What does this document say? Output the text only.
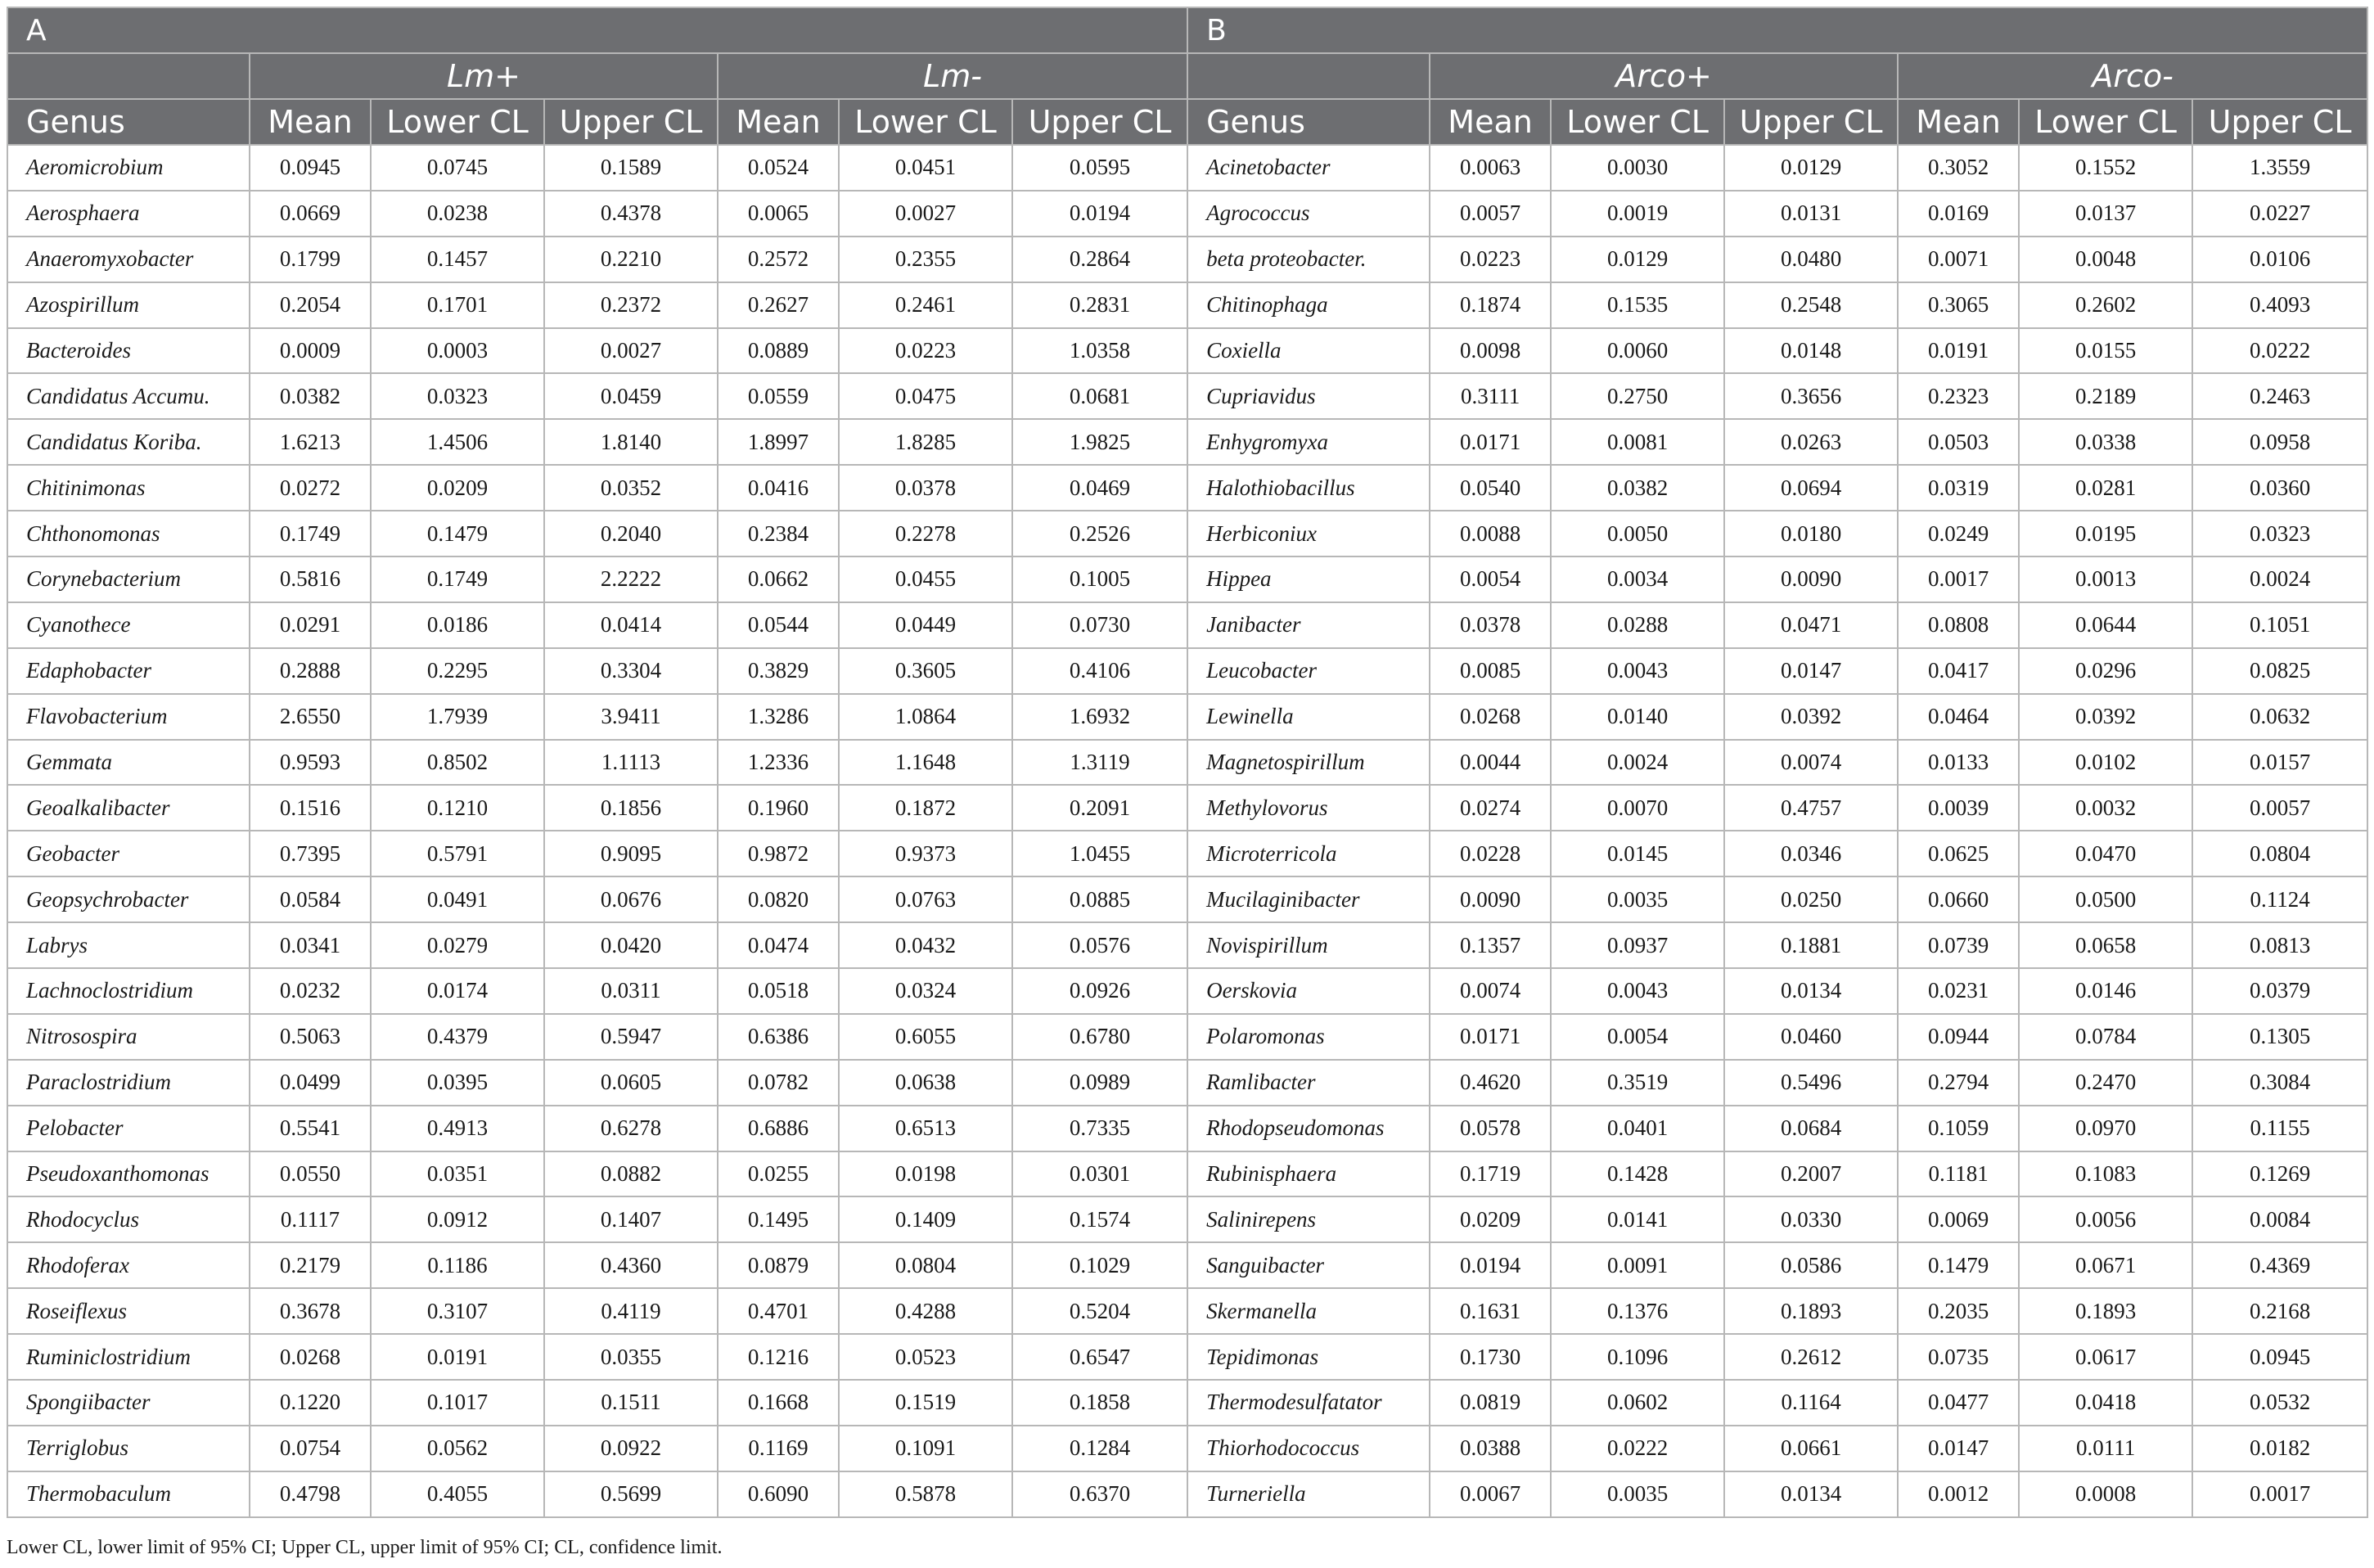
A							B						
	Lm+			Lm-				Arco+			Arco-		
Genus	Mean	Lower CL	Upper CL	Mean	Lower CL	Upper CL	Genus	Mean	Lower CL	Upper CL	Mean	Lower CL	Upper CL
Aeromicrobium	0.0945	0.0745	0.1589	0.0524	0.0451	0.0595	Acinetobacter	0.0063	0.0030	0.0129	0.3052	0.1552	1.3559
Aerosphaera	0.0669	0.0238	0.4378	0.0065	0.0027	0.0194	Agrococcus	0.0057	0.0019	0.0131	0.0169	0.0137	0.0227
Anaeromyxobacter	0.1799	0.1457	0.2210	0.2572	0.2355	0.2864	beta proteobacter.	0.0223	0.0129	0.0480	0.0071	0.0048	0.0106
Azospirillum	0.2054	0.1701	0.2372	0.2627	0.2461	0.2831	Chitinophaga	0.1874	0.1535	0.2548	0.3065	0.2602	0.4093
Bacteroides	0.0009	0.0003	0.0027	0.0889	0.0223	1.0358	Coxiella	0.0098	0.0060	0.0148	0.0191	0.0155	0.0222
Candidatus Accumu.	0.0382	0.0323	0.0459	0.0559	0.0475	0.0681	Cupriavidus	0.3111	0.2750	0.3656	0.2323	0.2189	0.2463
Candidatus Koriba.	1.6213	1.4506	1.8140	1.8997	1.8285	1.9825	Enhygromyxa	0.0171	0.0081	0.0263	0.0503	0.0338	0.0958
Chitinimonas	0.0272	0.0209	0.0352	0.0416	0.0378	0.0469	Halothiobacillus	0.0540	0.0382	0.0694	0.0319	0.0281	0.0360
Chthonomonas	0.1749	0.1479	0.2040	0.2384	0.2278	0.2526	Herbiconiux	0.0088	0.0050	0.0180	0.0249	0.0195	0.0323
Corynebacterium	0.5816	0.1749	2.2222	0.0662	0.0455	0.1005	Hippea	0.0054	0.0034	0.0090	0.0017	0.0013	0.0024
Cyanothece	0.0291	0.0186	0.0414	0.0544	0.0449	0.0730	Janibacter	0.0378	0.0288	0.0471	0.0808	0.0644	0.1051
Edaphobacter	0.2888	0.2295	0.3304	0.3829	0.3605	0.4106	Leucobacter	0.0085	0.0043	0.0147	0.0417	0.0296	0.0825
Flavobacterium	2.6550	1.7939	3.9411	1.3286	1.0864	1.6932	Lewinella	0.0268	0.0140	0.0392	0.0464	0.0392	0.0632
Gemmata	0.9593	0.8502	1.1113	1.2336	1.1648	1.3119	Magnetospirillum	0.0044	0.0024	0.0074	0.0133	0.0102	0.0157
Geoalkalibacter	0.1516	0.1210	0.1856	0.1960	0.1872	0.2091	Methylovorus	0.0274	0.0070	0.4757	0.0039	0.0032	0.0057
Geobacter	0.7395	0.5791	0.9095	0.9872	0.9373	1.0455	Microterricola	0.0228	0.0145	0.0346	0.0625	0.0470	0.0804
Geopsychrobacter	0.0584	0.0491	0.0676	0.0820	0.0763	0.0885	Mucilaginibacter	0.0090	0.0035	0.0250	0.0660	0.0500	0.1124
Labrys	0.0341	0.0279	0.0420	0.0474	0.0432	0.0576	Novispirillum	0.1357	0.0937	0.1881	0.0739	0.0658	0.0813
Lachnoclostridium	0.0232	0.0174	0.0311	0.0518	0.0324	0.0926	Oerskovia	0.0074	0.0043	0.0134	0.0231	0.0146	0.0379
Nitrosospira	0.5063	0.4379	0.5947	0.6386	0.6055	0.6780	Polaromonas	0.0171	0.0054	0.0460	0.0944	0.0784	0.1305
Paraclostridium	0.0499	0.0395	0.0605	0.0782	0.0638	0.0989	Ramlibacter	0.4620	0.3519	0.5496	0.2794	0.2470	0.3084
Pelobacter	0.5541	0.4913	0.6278	0.6886	0.6513	0.7335	Rhodopseudomonas	0.0578	0.0401	0.0684	0.1059	0.0970	0.1155
Pseudoxanthomonas	0.0550	0.0351	0.0882	0.0255	0.0198	0.0301	Rubinisphaera	0.1719	0.1428	0.2007	0.1181	0.1083	0.1269
Rhodocyclus	0.1117	0.0912	0.1407	0.1495	0.1409	0.1574	Salinirepens	0.0209	0.0141	0.0330	0.0069	0.0056	0.0084
Rhodoferax	0.2179	0.1186	0.4360	0.0879	0.0804	0.1029	Sanguibacter	0.0194	0.0091	0.0586	0.1479	0.0671	0.4369
Roseiflexus	0.3678	0.3107	0.4119	0.4701	0.4288	0.5204	Skermanella	0.1631	0.1376	0.1893	0.2035	0.1893	0.2168
Ruminiclostridium	0.0268	0.0191	0.0355	0.1216	0.0523	0.6547	Tepidimonas	0.1730	0.1096	0.2612	0.0735	0.0617	0.0945
Spongiibacter	0.1220	0.1017	0.1511	0.1668	0.1519	0.1858	Thermodesulfatator	0.0819	0.0602	0.1164	0.0477	0.0418	0.0532
Terriglobus	0.0754	0.0562	0.0922	0.1169	0.1091	0.1284	Thiorhodococcus	0.0388	0.0222	0.0661	0.0147	0.0111	0.0182
Thermobaculum	0.4798	0.4055	0.5699	0.6090	0.5878	0.6370	Turneriella	0.0067	0.0035	0.0134	0.0012	0.0008	0.0017
Lower CL, lower limit of 95% CI; Upper CL, upper limit of 95% CI; CL, confidence limit.
